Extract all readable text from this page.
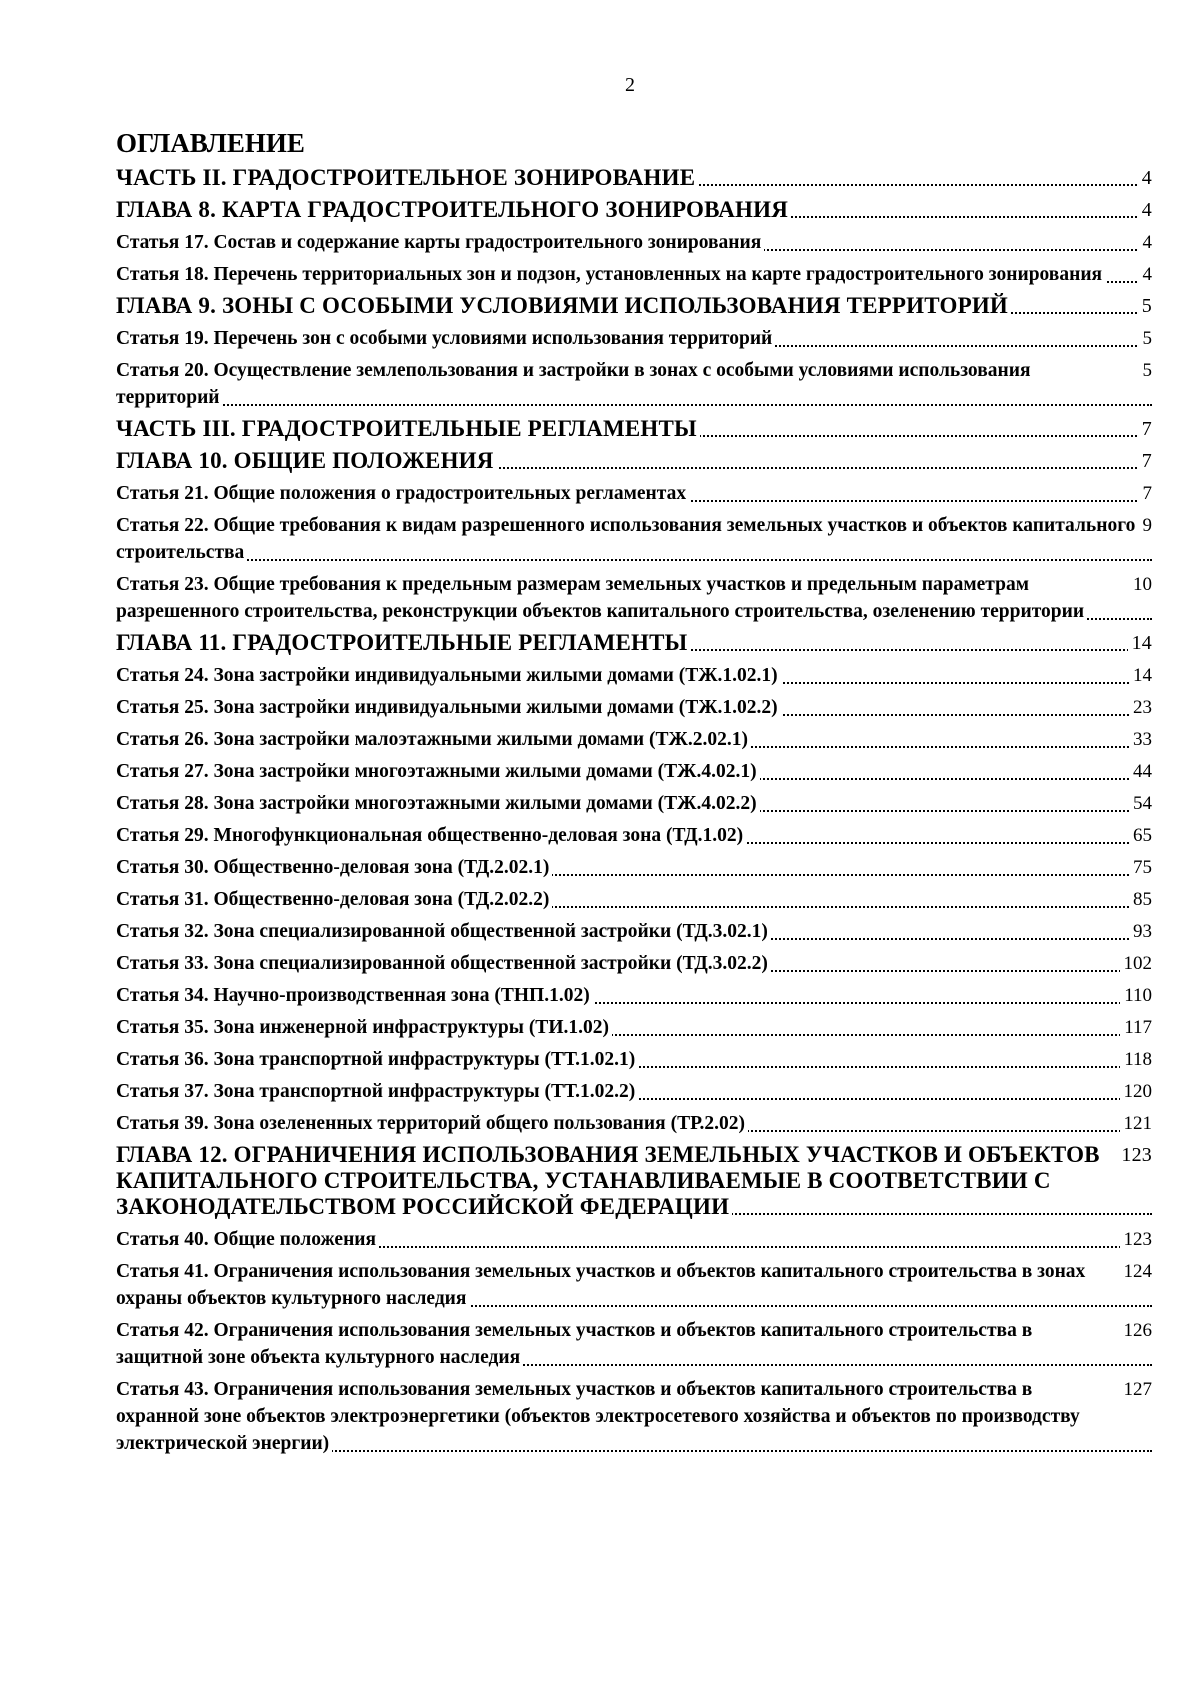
2
ОГЛАВЛЕНИЕ
4
ЧАСТЬ II. ГРАДОСТРОИТЕЛЬНОЕ ЗОНИРОВАНИЕ
4
ГЛАВА 8. КАРТА ГРАДОСТРОИТЕЛЬНОГО ЗОНИРОВАНИЯ
4
Статья 17. Состав и содержание карты градостроительного зонирования
4
Статья 18. Перечень территориальных зон и подзон, установленных на карте градостроительного зонирования
5
ГЛАВА 9. ЗОНЫ С ОСОБЫМИ УСЛОВИЯМИ ИСПОЛЬЗОВАНИЯ ТЕРРИТОРИЙ
5
Статья 19. Перечень зон с особыми условиями использования территорий
5
Статья 20. Осуществление землепользования и застройки в зонах с особыми условиями использования территорий
7
ЧАСТЬ III. ГРАДОСТРОИТЕЛЬНЫЕ РЕГЛАМЕНТЫ
7
ГЛАВА 10. ОБЩИЕ ПОЛОЖЕНИЯ
7
Статья 21. Общие положения о градостроительных регламентах
9
Статья 22. Общие требования к видам разрешенного использования земельных участков и объектов капитального строительства
10
Статья 23. Общие требования к предельным размерам земельных участков и предельным параметрам разрешенного строительства, реконструкции объектов капитального строительства, озеленению территории
14
ГЛАВА 11. ГРАДОСТРОИТЕЛЬНЫЕ РЕГЛАМЕНТЫ
14
Статья 24. Зона застройки индивидуальными жилыми домами (ТЖ.1.02.1)
23
Статья 25. Зона застройки индивидуальными жилыми домами (ТЖ.1.02.2)
33
Статья 26. Зона застройки малоэтажными жилыми домами (ТЖ.2.02.1)
44
Статья 27. Зона застройки многоэтажными жилыми домами (ТЖ.4.02.1)
54
Статья 28. Зона застройки многоэтажными жилыми домами (ТЖ.4.02.2)
65
Статья 29. Многофункциональная общественно-деловая зона (ТД.1.02)
75
Статья 30. Общественно-деловая зона (ТД.2.02.1)
85
Статья 31. Общественно-деловая зона (ТД.2.02.2)
93
Статья 32. Зона специализированной общественной застройки (ТД.3.02.1)
102
Статья 33. Зона специализированной общественной застройки (ТД.3.02.2)
110
Статья 34. Научно-производственная зона (ТНП.1.02)
117
Статья 35. Зона инженерной инфраструктуры (ТИ.1.02)
118
Статья 36. Зона транспортной инфраструктуры (ТТ.1.02.1)
120
Статья 37. Зона транспортной инфраструктуры (ТТ.1.02.2)
121
Статья 39. Зона озелененных территорий общего пользования (ТР.2.02)
123
ГЛАВА 12. ОГРАНИЧЕНИЯ ИСПОЛЬЗОВАНИЯ ЗЕМЕЛЬНЫХ УЧАСТКОВ И ОБЪЕКТОВ КАПИТАЛЬНОГО СТРОИТЕЛЬСТВА, УСТАНАВЛИВАЕМЫЕ В СООТВЕТСТВИИ С ЗАКОНОДАТЕЛЬСТВОМ РОССИЙСКОЙ ФЕДЕРАЦИИ
123
Статья 40. Общие положения
124
Статья 41. Ограничения использования земельных участков и объектов капитального строительства в зонах охраны объектов культурного наследия
126
Статья 42. Ограничения использования земельных участков и объектов капитального строительства в защитной зоне объекта культурного наследия
127
Статья 43. Ограничения использования земельных участков и объектов капитального строительства в охранной зоне объектов электроэнергетики (объектов электросетевого хозяйства и объектов по производству электрической энергии)
